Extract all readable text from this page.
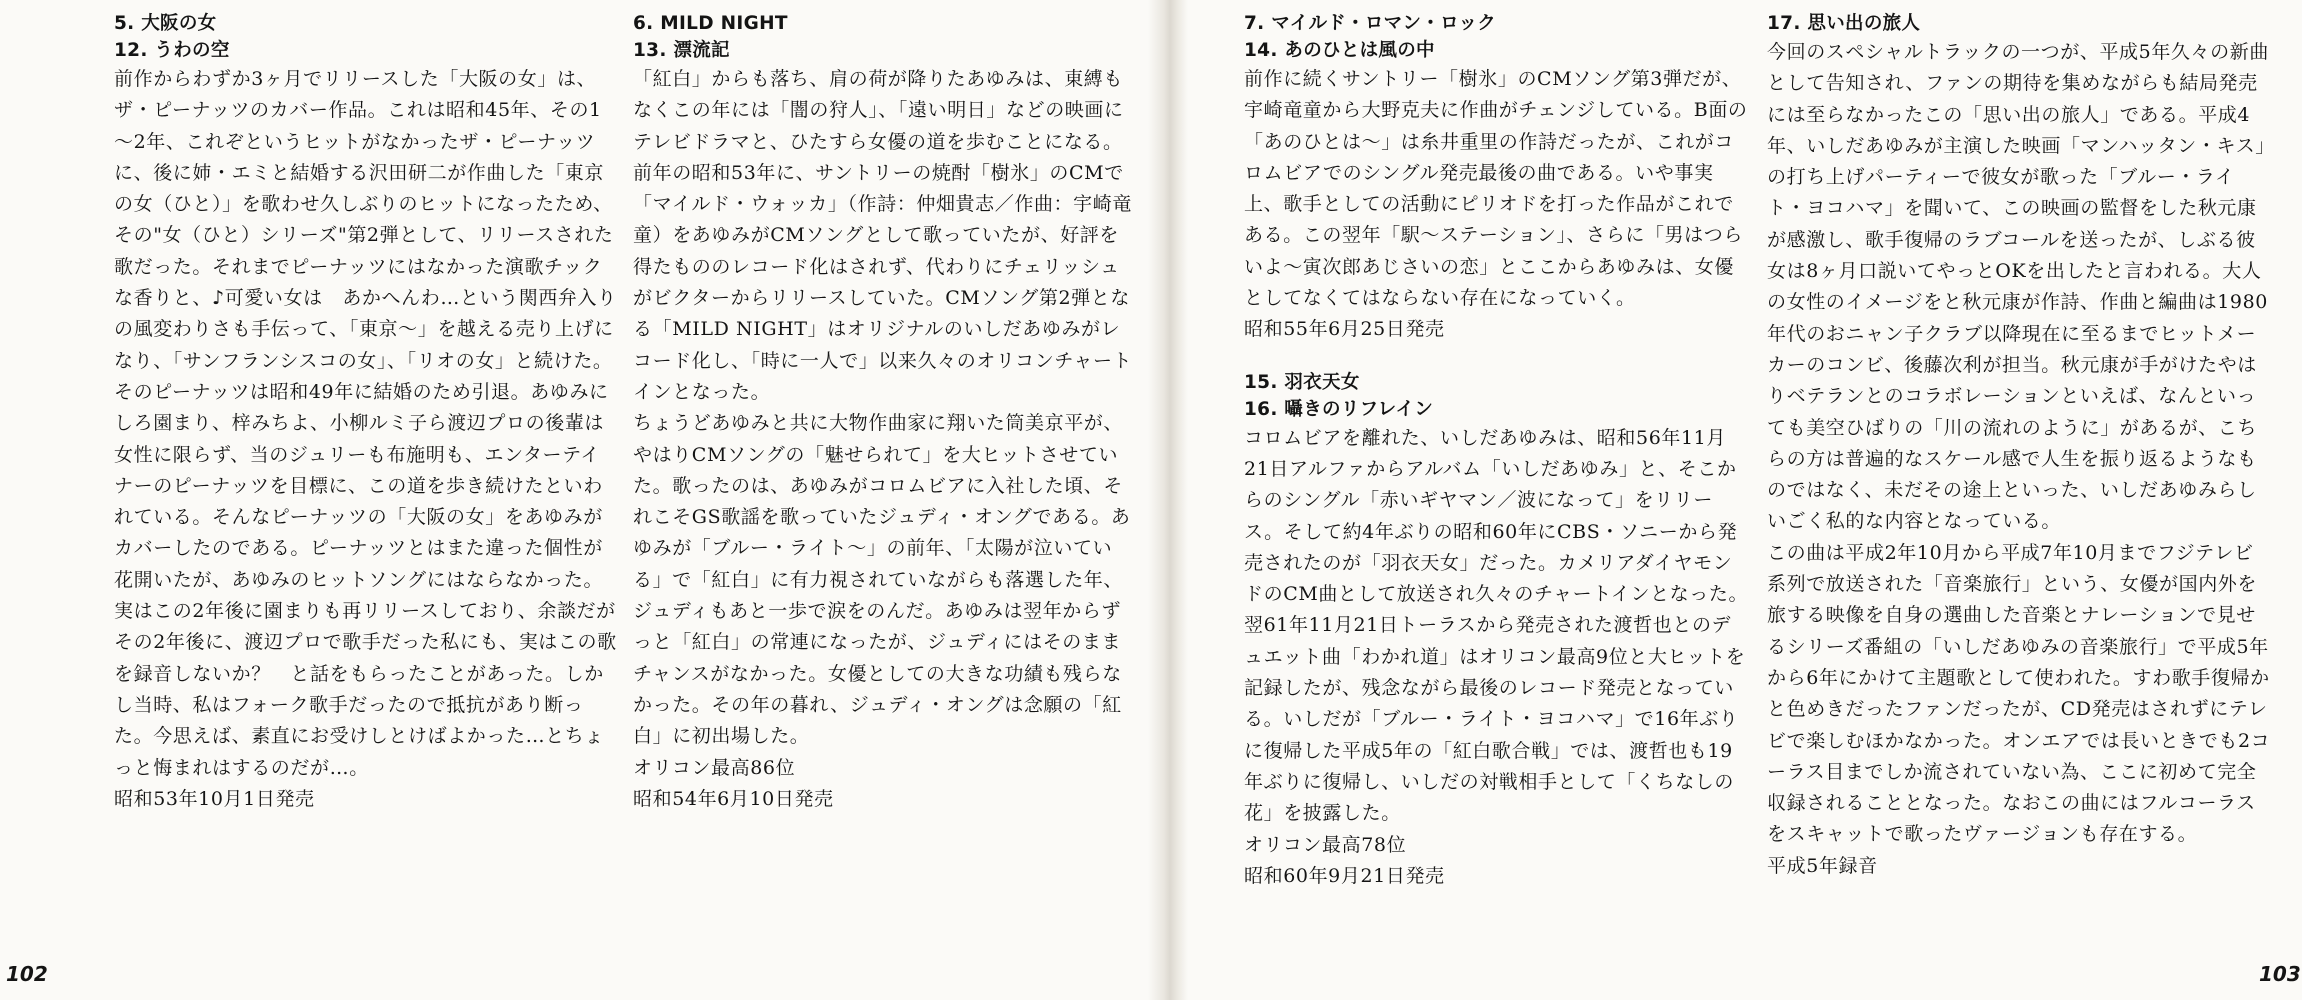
5. 大阪の女
12. うわの空

前作からわずか3ヶ月でリリースした「大阪の女」は、ザ・ピーナッツのカバー作品。これは昭和45年、その1～2年、これぞというヒットがなかったザ・ピーナッツに、後に姉・エミと結婚する沢田研二が作曲した「東京の女（ひと）」を歌わせ久しぶりのヒットになったため、その"女（ひと）シリーズ"第2弾として、リリースされた歌だった。それまでピーナッツにはなかった演歌チックな香りと、♪可愛い女は　あかへんわ…という関西弁入りの風変わりさも手伝って、「東京～」を越える売り上げになり、「サンフランシスコの女」、「リオの女」と続けた。そのピーナッツは昭和49年に結婚のため引退。あゆみにしろ園まり、梓みちよ、小柳ルミ子ら渡辺プロの後輩は女性に限らず、当のジュリーも布施明も、エンターテイナーのピーナッツを目標に、この道を歩き続けたといわれている。そんなピーナッツの「大阪の女」をあゆみがカバーしたのである。ピーナッツとはまた違った個性が花開いたが、あゆみのヒットソングにはならなかった。実はこの2年後に園まりも再リリースしており、余談だがその2年後に、渡辺プロで歌手だった私にも、実はこの歌を録音しないか？　と話をもらったことがあった。しかし当時、私はフォーク歌手だったので抵抗があり断った。今思えば、素直にお受けしとけばよかった…とちょっと悔まれはするのだが…。

昭和53年10月1日発売

6. MILD NIGHT
13. 漂流記

「紅白」からも落ち、肩の荷が降りたあゆみは、東縛もなくこの年には「闇の狩人」、「遠い明日」などの映画にテレビドラマと、ひたすら女優の道を歩むことになる。

前年の昭和53年に、サントリーの焼酎「樹氷」のCMで「マイルド・ウォッカ」（作詩：仲畑貴志／作曲：宇崎竜童）をあゆみがCMソングとして歌っていたが、好評を得たもののレコード化はされず、代わりにチェリッシュがビクターからリリースしていた。CMソング第2弾となる「MILD NIGHT」はオリジナルのいしだあゆみがレコード化し、「時に一人で」以来久々のオリコンチャートインとなった。

ちょうどあゆみと共に大物作曲家に翔いた筒美京平が、やはりCMソングの「魅せられて」を大ヒットさせていた。歌ったのは、あゆみがコロムビアに入社した頃、それこそGS歌謡を歌っていたジュディ・オングである。あゆみが「ブルー・ライト～」の前年、「太陽が泣いている」で「紅白」に有力視されていながらも落選した年、ジュディもあと一歩で涙をのんだ。あゆみは翌年からずっと「紅白」の常連になったが、ジュディにはそのままチャンスがなかった。女優としての大きな功績も残らなかった。その年の暮れ、ジュディ・オングは念願の「紅白」に初出場した。

オリコン最高86位

昭和54年6月10日発売

7. マイルド・ロマン・ロック
14. あのひとは風の中

前作に続くサントリー「樹氷」のCMソング第3弾だが、宇崎竜童から大野克夫に作曲がチェンジしている。B面の「あのひとは～」は糸井重里の作詩だったが、これがコロムビアでのシングル発売最後の曲である。いや事実上、歌手としての活動にピリオドを打った作品がこれである。この翌年「駅～ステーション」、さらに「男はつらいよ～寅次郎あじさいの恋」とここからあゆみは、女優としてなくてはならない存在になっていく。

昭和55年6月25日発売

15. 羽衣天女
16. 囁きのリフレイン

コロムビアを離れた、いしだあゆみは、昭和56年11月21日アルファからアルバム「いしだあゆみ」と、そこからのシングル「赤いギヤマン／波になって」をリリース。そして約4年ぶりの昭和60年にCBS・ソニーから発売されたのが「羽衣天女」だった。カメリアダイヤモンドのCM曲として放送され久々のチャートインとなった。

翌61年11月21日トーラスから発売された渡哲也とのデュエット曲「わかれ道」はオリコン最高9位と大ヒットを記録したが、残念ながら最後のレコード発売となっている。いしだが「ブルー・ライト・ヨコハマ」で16年ぶりに復帰した平成5年の「紅白歌合戦」では、渡哲也も19年ぶりに復帰し、いしだの対戦相手として「くちなしの花」を披露した。

オリコン最高78位

昭和60年9月21日発売

17. 思い出の旅人

今回のスペシャルトラックの一つが、平成5年久々の新曲として告知され、ファンの期待を集めながらも結局発売には至らなかったこの「思い出の旅人」である。平成4年、いしだあゆみが主演した映画「マンハッタン・キス」の打ち上げパーティーで彼女が歌った「ブルー・ライト・ヨコハマ」を聞いて、この映画の監督をした秋元康が感激し、歌手復帰のラブコールを送ったが、しぶる彼女は8ヶ月口説いてやっとOKを出したと言われる。大人の女性のイメージをと秋元康が作詩、作曲と編曲は1980年代のおニャン子クラブ以降現在に至るまでヒットメーカーのコンビ、後藤次利が担当。秋元康が手がけたやはりベテランとのコラボレーションといえば、なんといっても美空ひばりの「川の流れのように」があるが、こちらの方は普遍的なスケール感で人生を振り返るようなものではなく、未だその途上といった、いしだあゆみらしいごく私的な内容となっている。

この曲は平成2年10月から平成7年10月までフジテレビ系列で放送された「音楽旅行」という、女優が国内外を旅する映像を自身の選曲した音楽とナレーションで見せるシリーズ番組の「いしだあゆみの音楽旅行」で平成5年から6年にかけて主題歌として使われた。すわ歌手復帰かと色めきだったファンだったが、CD発売はされずにテレビで楽しむほかなかった。オンエアでは長いときでも2コーラス目までしか流されていない為、ここに初めて完全収録されることとなった。なおこの曲にはフルコーラスをスキャットで歌ったヴァージョンも存在する。

平成5年録音

102	103
